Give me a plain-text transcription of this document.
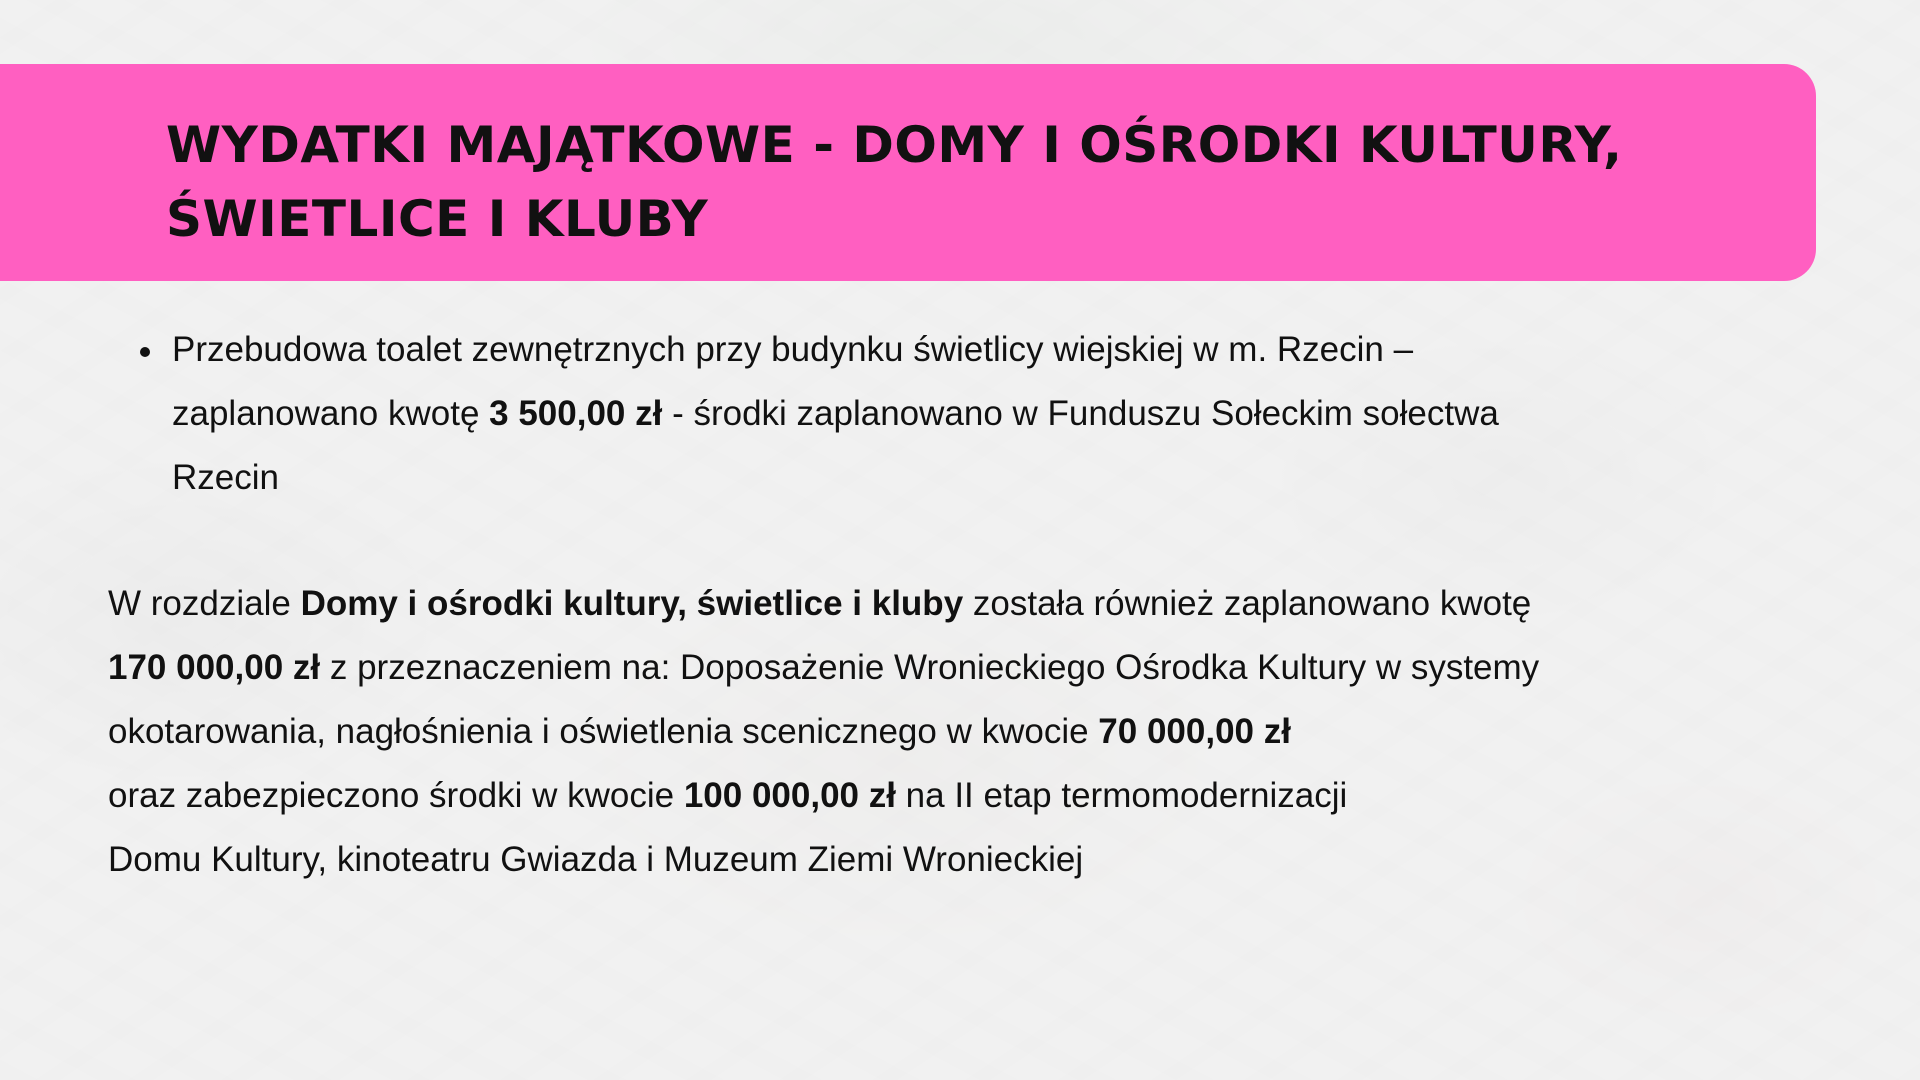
WYDATKI MAJĄTKOWE - DOMY I OŚRODKI KULTURY,
ŚWIETLICE I KLUBY
Przebudowa toalet zewnętrznych przy budynku świetlicy wiejskiej w m. Rzecin –
zaplanowano kwotę 3 500,00 zł - środki zaplanowano w Funduszu Sołeckim sołectwa
Rzecin
W rozdziale Domy i ośrodki kultury, świetlice i kluby została również zaplanowano kwotę
170 000,00 zł z przeznaczeniem na: Doposażenie Wronieckiego Ośrodka Kultury w systemy
okotarowania, nagłośnienia i oświetlenia scenicznego w kwocie 70 000,00 zł
oraz zabezpieczono środki w kwocie 100 000,00 zł na II etap termomodernizacji
Domu Kultury, kinoteatru Gwiazda i Muzeum Ziemi Wronieckiej
